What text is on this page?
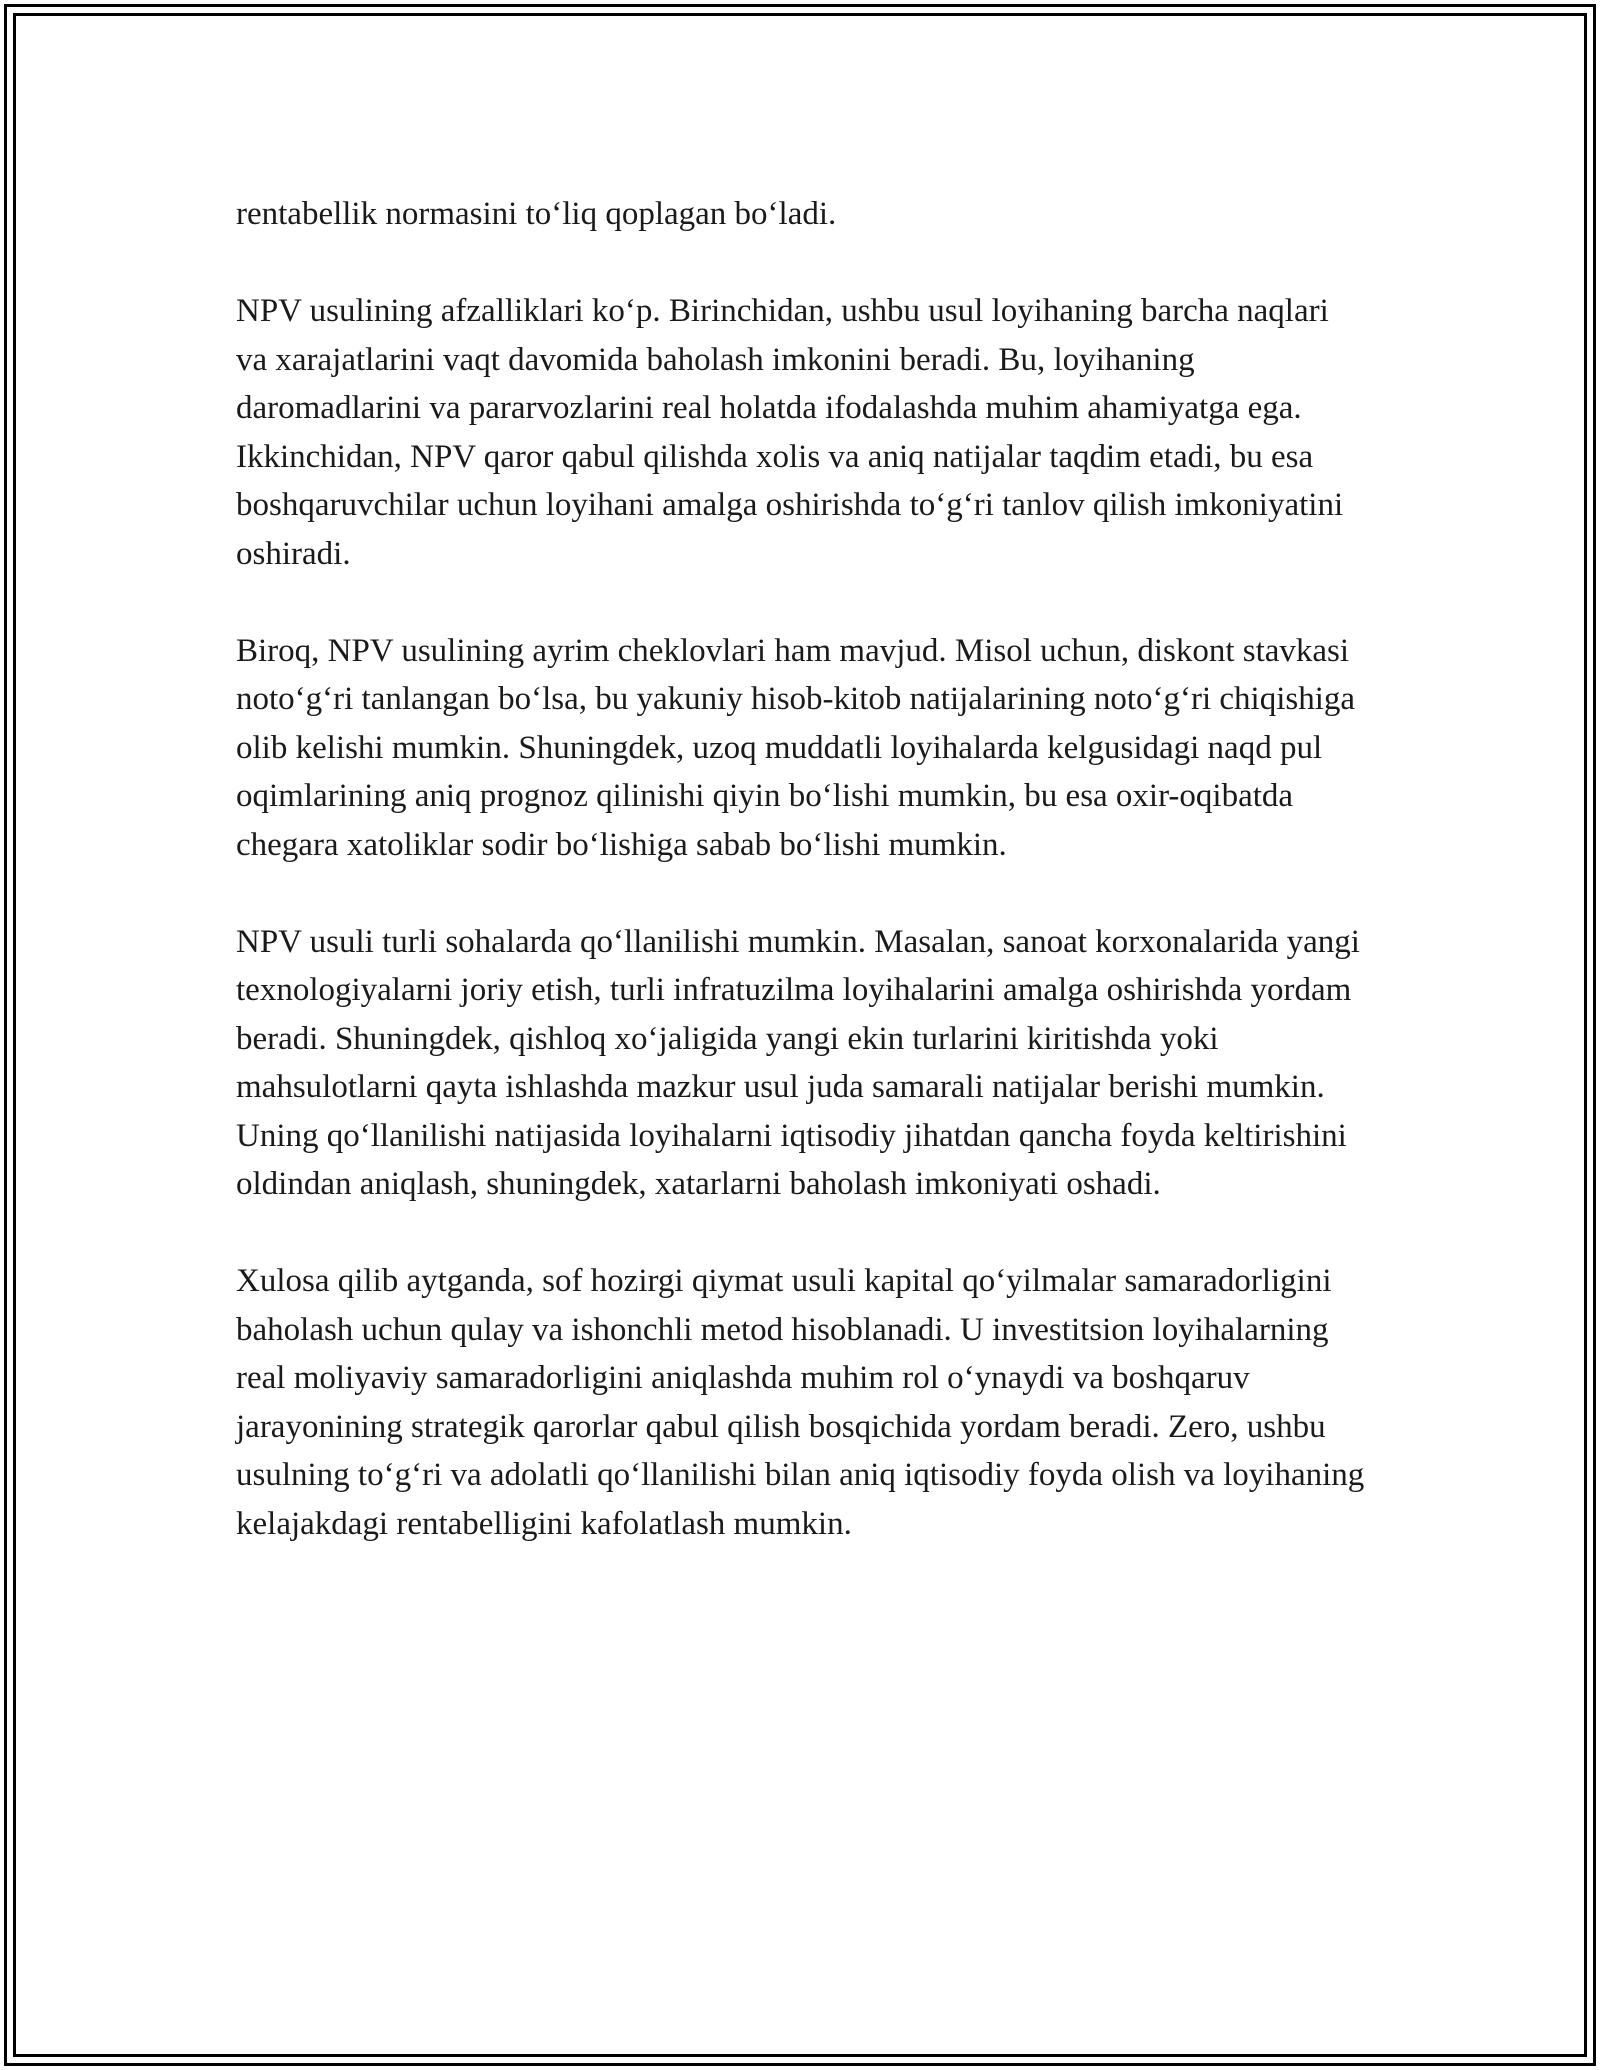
rentabellik normasini to‘liq qoplagan bo‘ladi.

NPV usulining afzalliklari ko‘p. Birinchidan, ushbu usul loyihaning barcha naqlari va xarajatlarini vaqt davomida baholash imkonini beradi. Bu, loyihaning daromadlarini va pararvozlarini real holatda ifodalashda muhim ahamiyatga ega. Ikkinchidan, NPV qaror qabul qilishda xolis va aniq natijalar taqdim etadi, bu esa boshqaruvchilar uchun loyihani amalga oshirishda to‘g‘ri tanlov qilish imkoniyatini oshiradi.

Biroq, NPV usulining ayrim cheklovlari ham mavjud. Misol uchun, diskont stavkasi noto‘g‘ri tanlangan bo‘lsa, bu yakuniy hisob-kitob natijalarining noto‘g‘ri chiqishiga olib kelishi mumkin. Shuningdek, uzoq muddatli loyihalarda kelgusidagi naqd pul oqimlarining aniq prognoz qilinishi qiyin bo‘lishi mumkin, bu esa oxir-oqibatda chegara xatoliklar sodir bo‘lishiga sabab bo‘lishi mumkin.

NPV usuli turli sohalarda qo‘llanilishi mumkin. Masalan, sanoat korxonalarida yangi texnologiyalarni joriy etish, turli infratuzilma loyihalarini amalga oshirishda yordam beradi. Shuningdek, qishloq xo‘jaligida yangi ekin turlarini kiritishda yoki mahsulotlarni qayta ishlashda mazkur usul juda samarali natijalar berishi mumkin. Uning qo‘llanilishi natijasida loyihalarni iqtisodiy jihatdan qancha foyda keltirishini oldindan aniqlash, shuningdek, xatarlarni baholash imkoniyati oshadi.

Xulosa qilib aytganda, sof hozirgi qiymat usuli kapital qo‘yilmalar samaradorligini baholash uchun qulay va ishonchli metod hisoblanadi. U investitsion loyihalarning real moliyaviy samaradorligini aniqlashda muhim rol o‘ynaydi va boshqaruv jarayonining strategik qarorlar qabul qilish bosqichida yordam beradi. Zero, ushbu usulning to‘g‘ri va adolatli qo‘llanilishi bilan aniq iqtisodiy foyda olish va loyihaning kelajakdagi rentabelligini kafolatlash mumkin.
